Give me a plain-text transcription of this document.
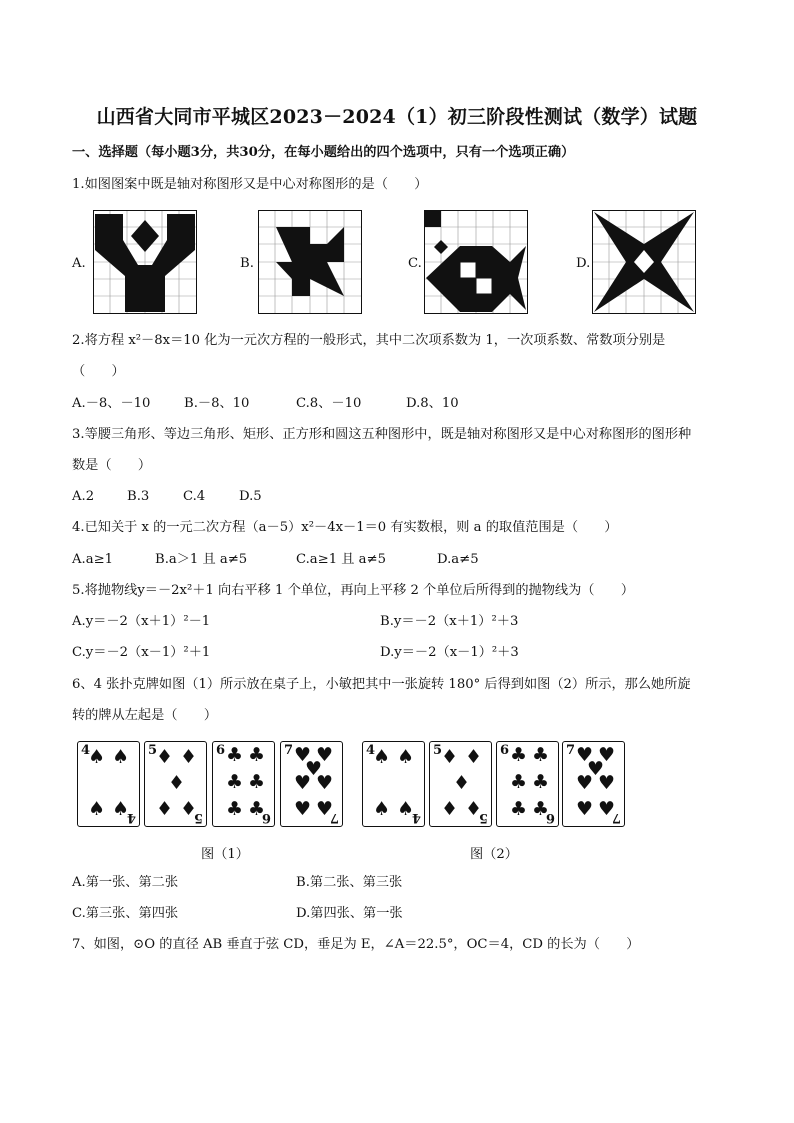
山西省大同市平城区2023－2024（1）初三阶段性测试（数学）试题
一、选择题（每小题3分，共30分，在每小题给出的四个选项中，只有一个选项正确）
1.如图图案中既是轴对称图形又是中心对称图形的是（　　）
A.	B.	C.	D.
2.将方程 x²－8x＝10 化为一元次方程的一般形式，其中二次项系数为 1，一次项系数、常数项分别是
（　　）
A.－8、－10	B.－8、10	C.8、－10	D.8、10
3.等腰三角形、等边三角形、矩形、正方形和圆这五种图形中，既是轴对称图形又是中心对称图形的图形种
数是（　　）
A.2 B.3	C.4	D.5
4.已知关于 x 的一元二次方程（a－5）x²－4x－1＝0 有实数根，则 a 的取值范围是（　　）
A.a≥1	B.a＞1 且 a≠5	C.a≥1 且 a≠5	D.a≠5
5.将抛物线y＝－2x²＋1 向右平移 1 个单位，再向上平移 2 个单位后所得到的抛物线为（　　）
A.y＝－2（x＋1）²－1	B.y＝－2（x＋1）²＋3
C.y＝－2（x－1）²＋1	D.y＝－2（x－1）²＋3
6、4 张扑克牌如图（1）所示放在桌子上，小敏把其中一张旋转 180° 后得到如图（2）所示，那么她所旋
转的牌从左起是（　　）
4
♠ ♠
♠ ♠
4
5
♦ ♦
♦
♦ ♦
5
6 ♣ ♣
♣ ♣
♣ ♣
6
7 ♥ ♥
♥
♥ ♥
♥ ♥
7
4
♠ ♠
♠ ♠
4
5
♦ ♦
♦
♦ ♦
5
6 ♣ ♣
♣ ♣
♣ ♣
6
7 ♥ ♥
♥
♥ ♥
♥ ♥
7
图（1）	图（2）
A.第一张、第二张	B.第二张、第三张
C.第三张、第四张	D.第四张、第一张
7、如图，⊙O 的直径 AB 垂直于弦 CD，垂足为 E，∠A＝22.5°，OC＝4，CD 的长为（　　）
